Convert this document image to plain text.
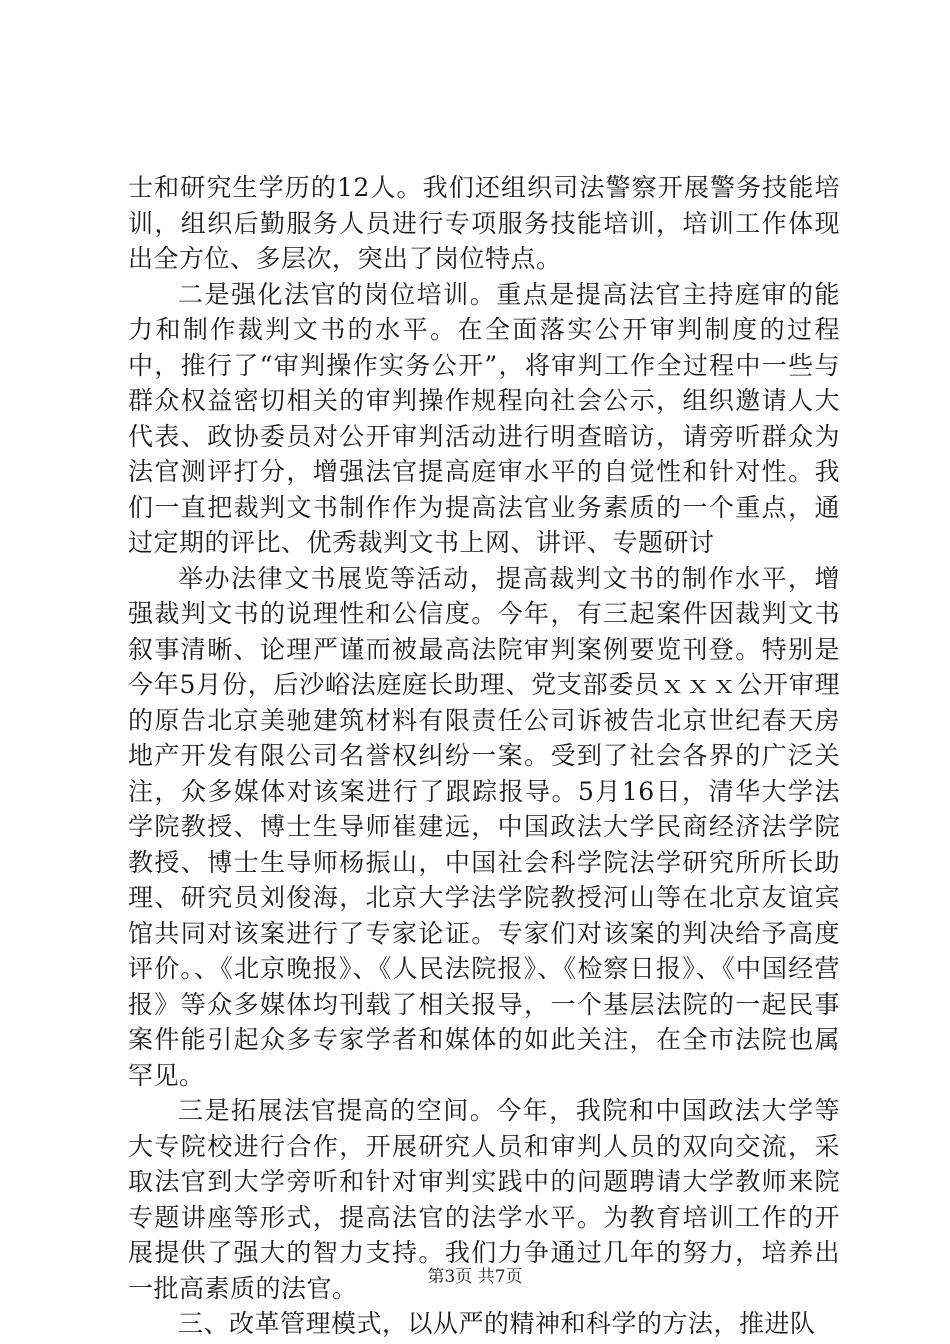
士和研究生学历的12人。我们还组织司法警察开展警务技能培训，组织后勤服务人员进行专项服务技能培训，培训工作体现出全方位、多层次，突出了岗位特点。

二是强化法官的岗位培训。重点是提高法官主持庭审的能力和制作裁判文书的水平。在全面落实公开审判制度的过程中，推行了“审判操作实务公开”，将审判工作全过程中一些与群众权益密切相关的审判操作规程向社会公示，组织邀请人大代表、政协委员对公开审判活动进行明查暗访，请旁听群众为法官测评打分，增强法官提高庭审水平的自觉性和针对性。我们一直把裁判文书制作作为提高法官业务素质的一个重点，通过定期的评比、优秀裁判文书上网、讲评、专题研讨

举办法律文书展览等活动，提高裁判文书的制作水平，增强裁判文书的说理性和公信度。今年，有三起案件因裁判文书叙事清晰、论理严谨而被最高法院审判案例要览刊登。特别是今年5月份，后沙峪法庭庭长助理、党支部委员ｘｘｘ公开审理的原告北京美驰建筑材料有限责任公司诉被告北京世纪春天房地产开发有限公司名誉权纠纷一案。受到了社会各界的广泛关注，众多媒体对该案进行了跟踪报导。5月16日，清华大学法学院教授、博士生导师崔建远，中国政法大学民商经济法学院教授、博士生导师杨振山，中国社会科学院法学研究所所长助理、研究员刘俊海，北京大学法学院教授河山等在北京友谊宾馆共同对该案进行了专家论证。专家们对该案的判决给予高度评价。、《北京晚报》、《人民法院报》、《检察日报》、《中国经营报》等众多媒体均刊载了相关报导，一个基层法院的一起民事案件能引起众多专家学者和媒体的如此关注，在全市法院也属罕见。

三是拓展法官提高的空间。今年，我院和中国政法大学等大专院校进行合作，开展研究人员和审判人员的双向交流，采取法官到大学旁听和针对审判实践中的问题聘请大学教师来院专题讲座等形式，提高法官的法学水平。为教育培训工作的开展提供了强大的智力支持。我们力争通过几年的努力，培养出一批高素质的法官。

三、改革管理模式，以从严的精神和科学的方法，推进队

第3页 共7页
